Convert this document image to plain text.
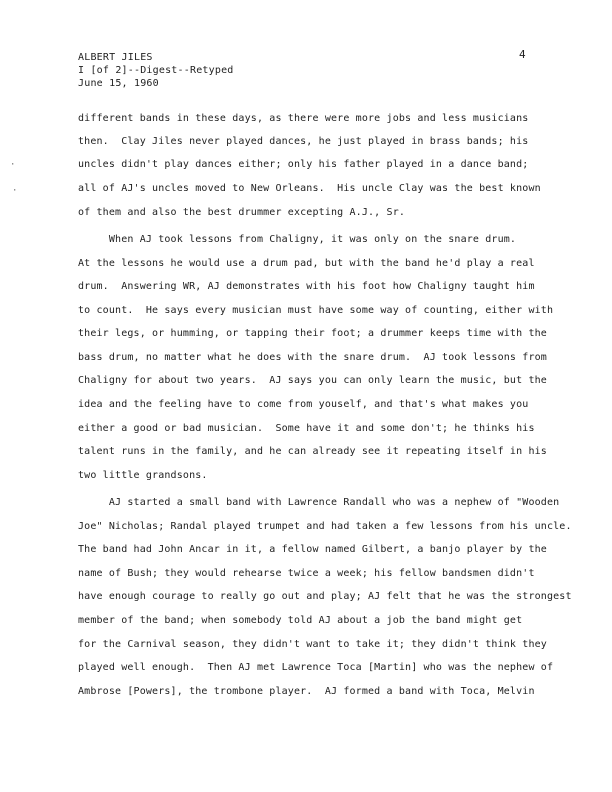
ALBERT JILES
I [of 2]--Digest--Retyped
June 15, 1960
4
·
·
different bands in these days, as there were more jobs and less musicians
then.  Clay Jiles never played dances, he just played in brass bands; his
uncles didn't play dances either; only his father played in a dance band;
all of AJ's uncles moved to New Orleans.  His uncle Clay was the best known
of them and also the best drummer excepting A.J., Sr.
When AJ took lessons from Chaligny, it was only on the snare drum.
At the lessons he would use a drum pad, but with the band he'd play a real
drum.  Answering WR, AJ demonstrates with his foot how Chaligny taught him
to count.  He says every musician must have some way of counting, either with
their legs, or humming, or tapping their foot; a drummer keeps time with the
bass drum, no matter what he does with the snare drum.  AJ took lessons from
Chaligny for about two years.  AJ says you can only learn the music, but the
idea and the feeling have to come from youself, and that's what makes you
either a good or bad musician.  Some have it and some don't; he thinks his
talent runs in the family, and he can already see it repeating itself in his
two little grandsons.
AJ started a small band with Lawrence Randall who was a nephew of "Wooden
Joe" Nicholas; Randal played trumpet and had taken a few lessons from his uncle.
The band had John Ancar in it, a fellow named Gilbert, a banjo player by the
name of Bush; they would rehearse twice a week; his fellow bandsmen didn't
have enough courage to really go out and play; AJ felt that he was the strongest
member of the band; when somebody told AJ about a job the band might get
for the Carnival season, they didn't want to take it; they didn't think they
played well enough.  Then AJ met Lawrence Toca [Martin] who was the nephew of
Ambrose [Powers], the trombone player.  AJ formed a band with Toca, Melvin
